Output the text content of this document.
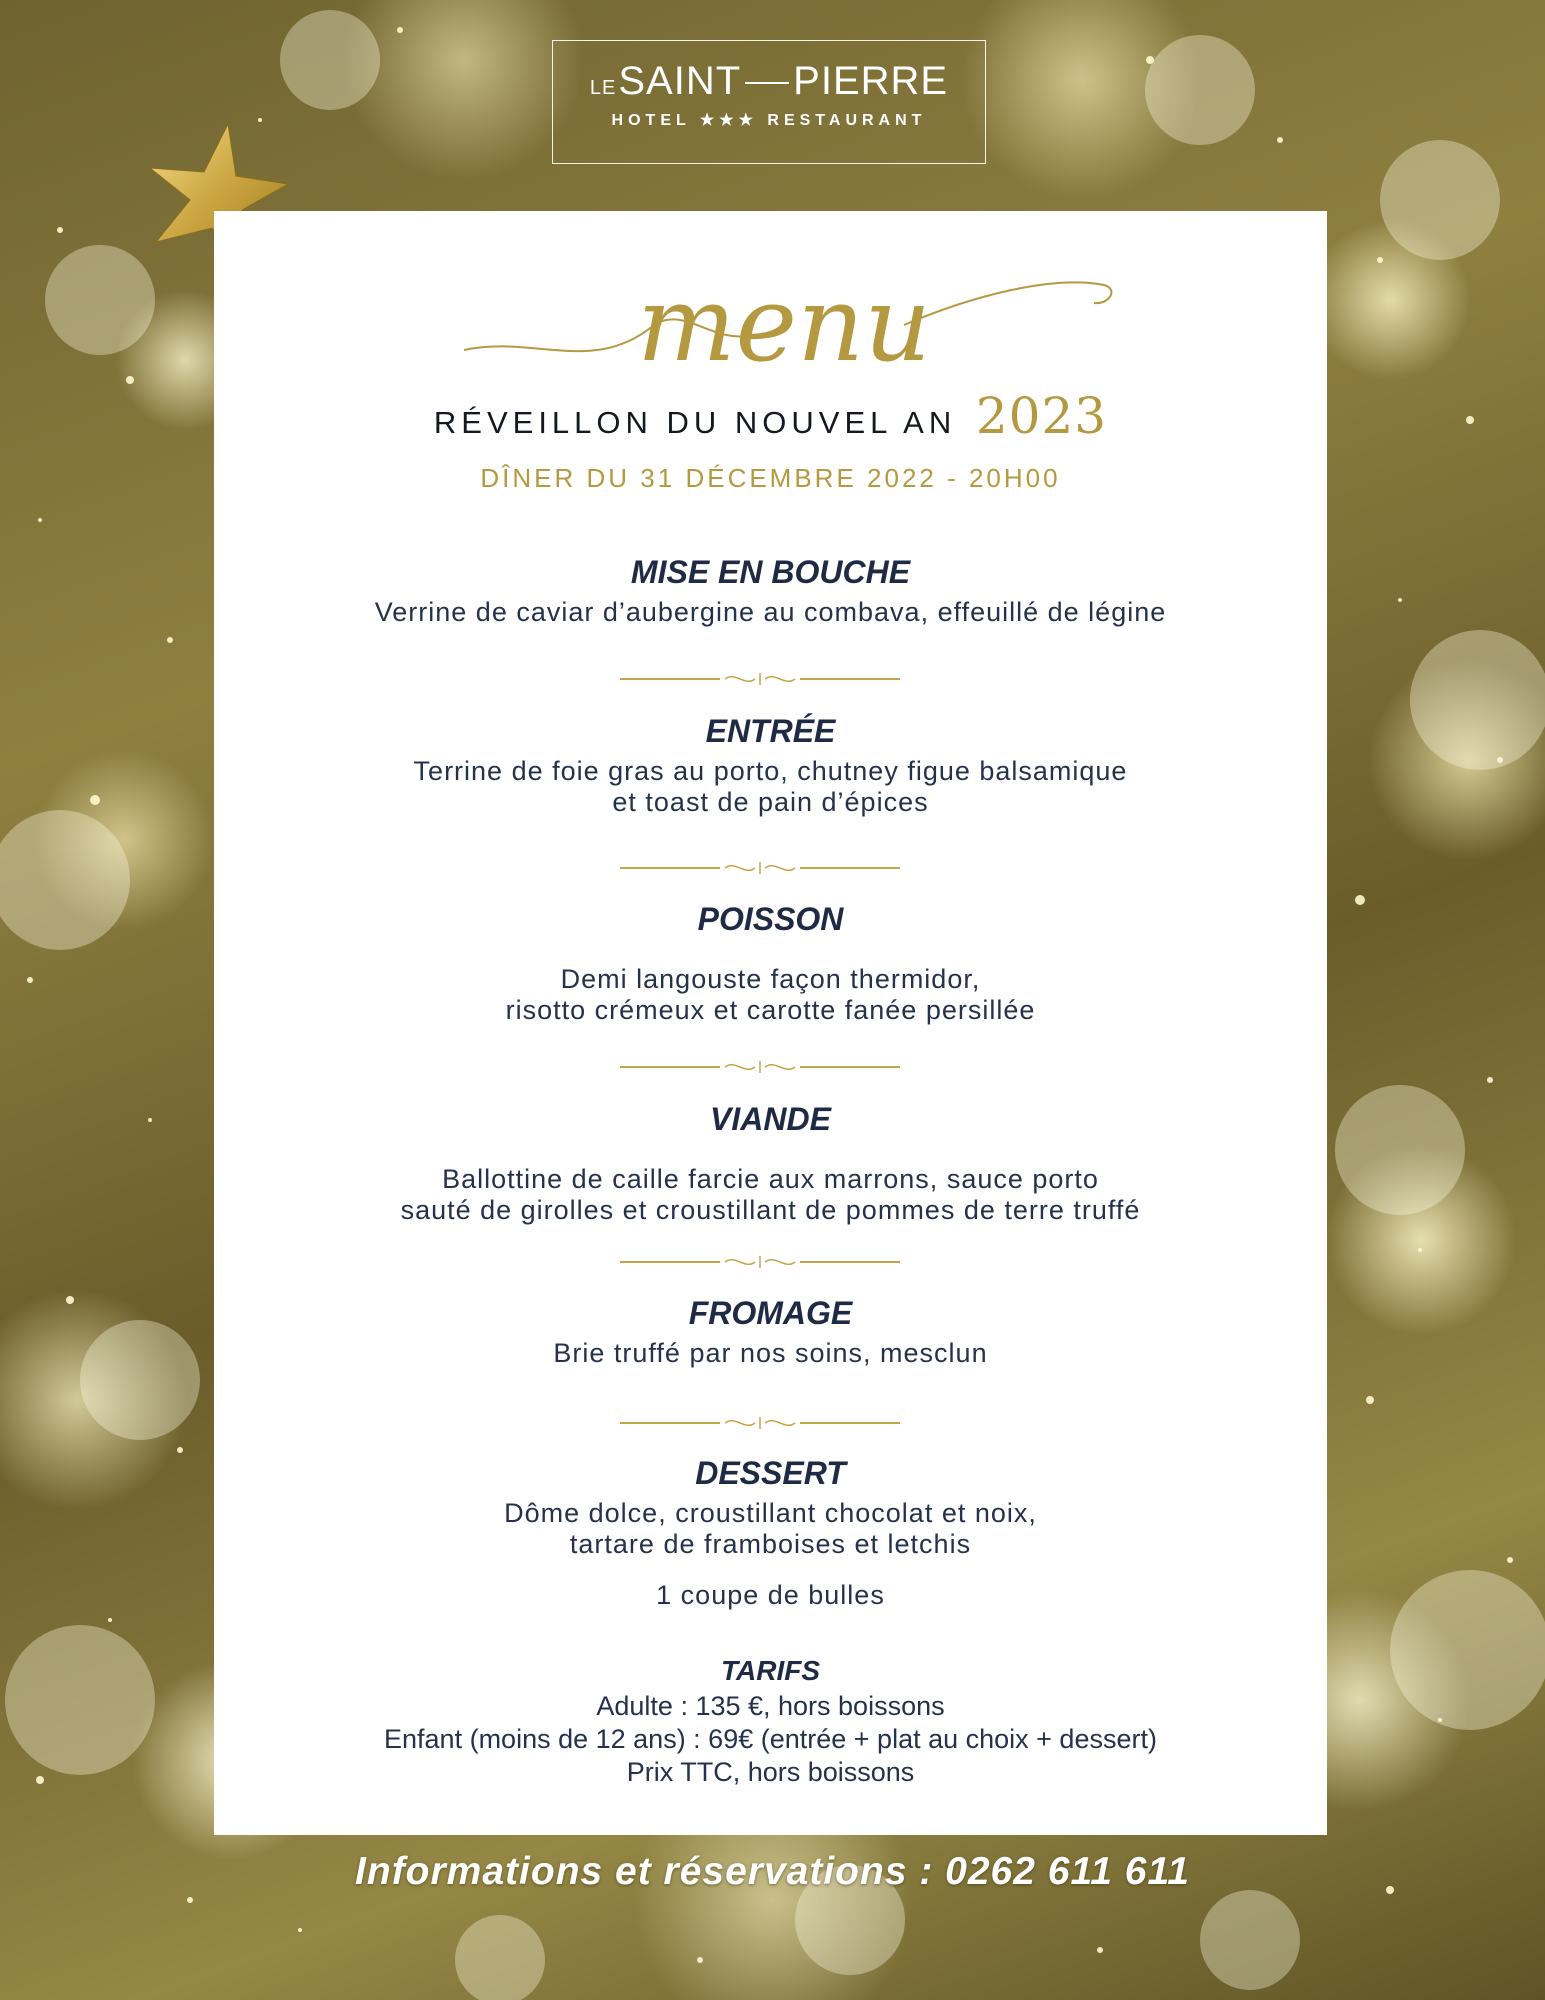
LESAINT PIERRE
HOTEL ★★★ RESTAURANT
menu
RÉVEILLON DU NOUVEL AN 2023
DÎNER DU 31 DÉCEMBRE 2022 - 20H00
MISE EN BOUCHE
Verrine de caviar d’aubergine au combava, effeuillé de légine
ENTRÉE
Terrine de foie gras au porto, chutney figue balsamique
et toast de pain d’épices
POISSON
Demi langouste façon thermidor,
risotto crémeux et carotte fanée persillée
VIANDE
Ballottine de caille farcie aux marrons, sauce porto
sauté de girolles et croustillant de pommes de terre truffé
FROMAGE
Brie truffé par nos soins, mesclun
DESSERT
Dôme dolce, croustillant chocolat et noix,
tartare de framboises et letchis
1 coupe de bulles
TARIFS
Adulte : 135 €, hors boissons
Enfant (moins de 12 ans) : 69€ (entrée + plat au choix + dessert)
Prix TTC, hors boissons
Informations et réservations : 0262 611 611
